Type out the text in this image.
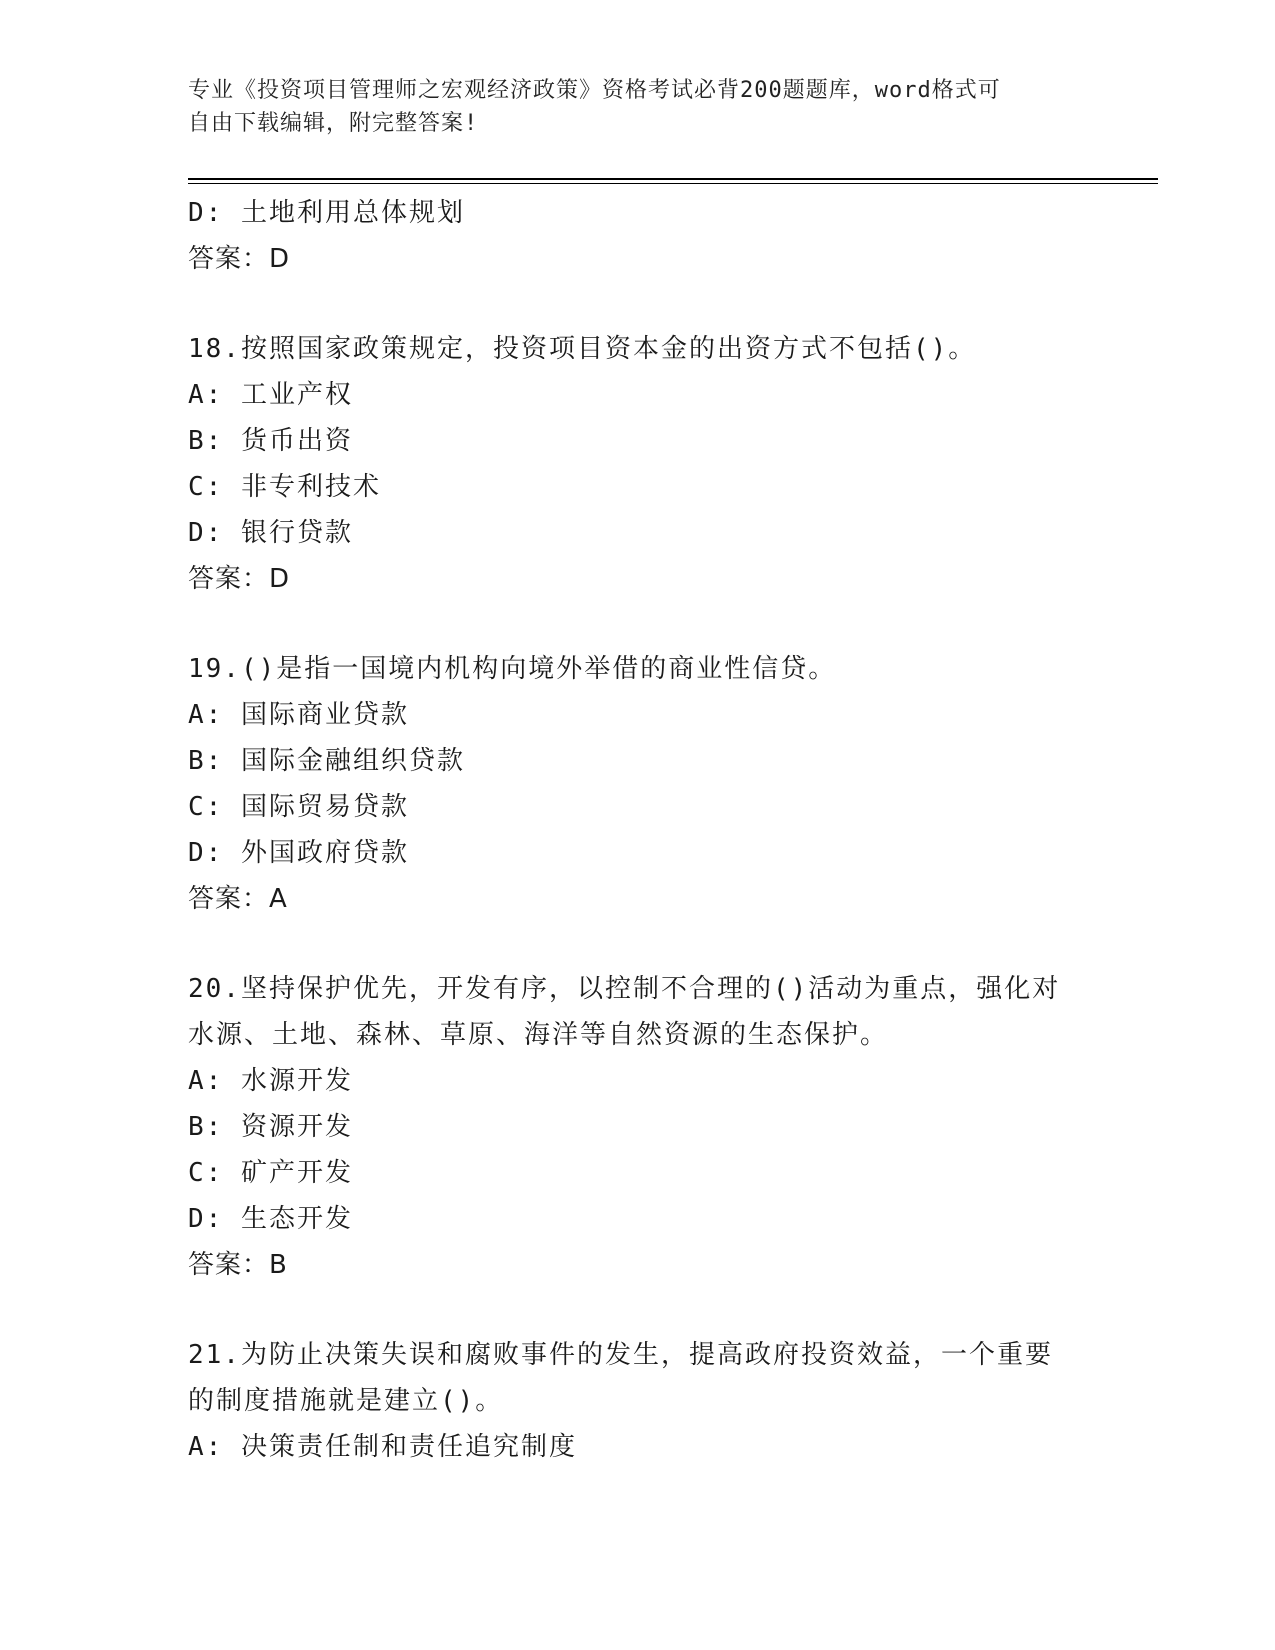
专业《投资项目管理师之宏观经济政策》资格考试必背200题题库，word格式可
自由下载编辑，附完整答案!
D: 土地利用总体规划
答案：D
18.按照国家政策规定，投资项目资本金的出资方式不包括()。
A: 工业产权
B: 货币出资
C: 非专利技术
D: 银行贷款
答案：D
19.()是指一国境内机构向境外举借的商业性信贷。
A: 国际商业贷款
B: 国际金融组织贷款
C: 国际贸易贷款
D: 外国政府贷款
答案：A
20.坚持保护优先，开发有序，以控制不合理的()活动为重点，强化对
水源、土地、森林、草原、海洋等自然资源的生态保护。
A: 水源开发
B: 资源开发
C: 矿产开发
D: 生态开发
答案：B
21.为防止决策失误和腐败事件的发生，提高政府投资效益，一个重要
的制度措施就是建立()。
A: 决策责任制和责任追究制度
